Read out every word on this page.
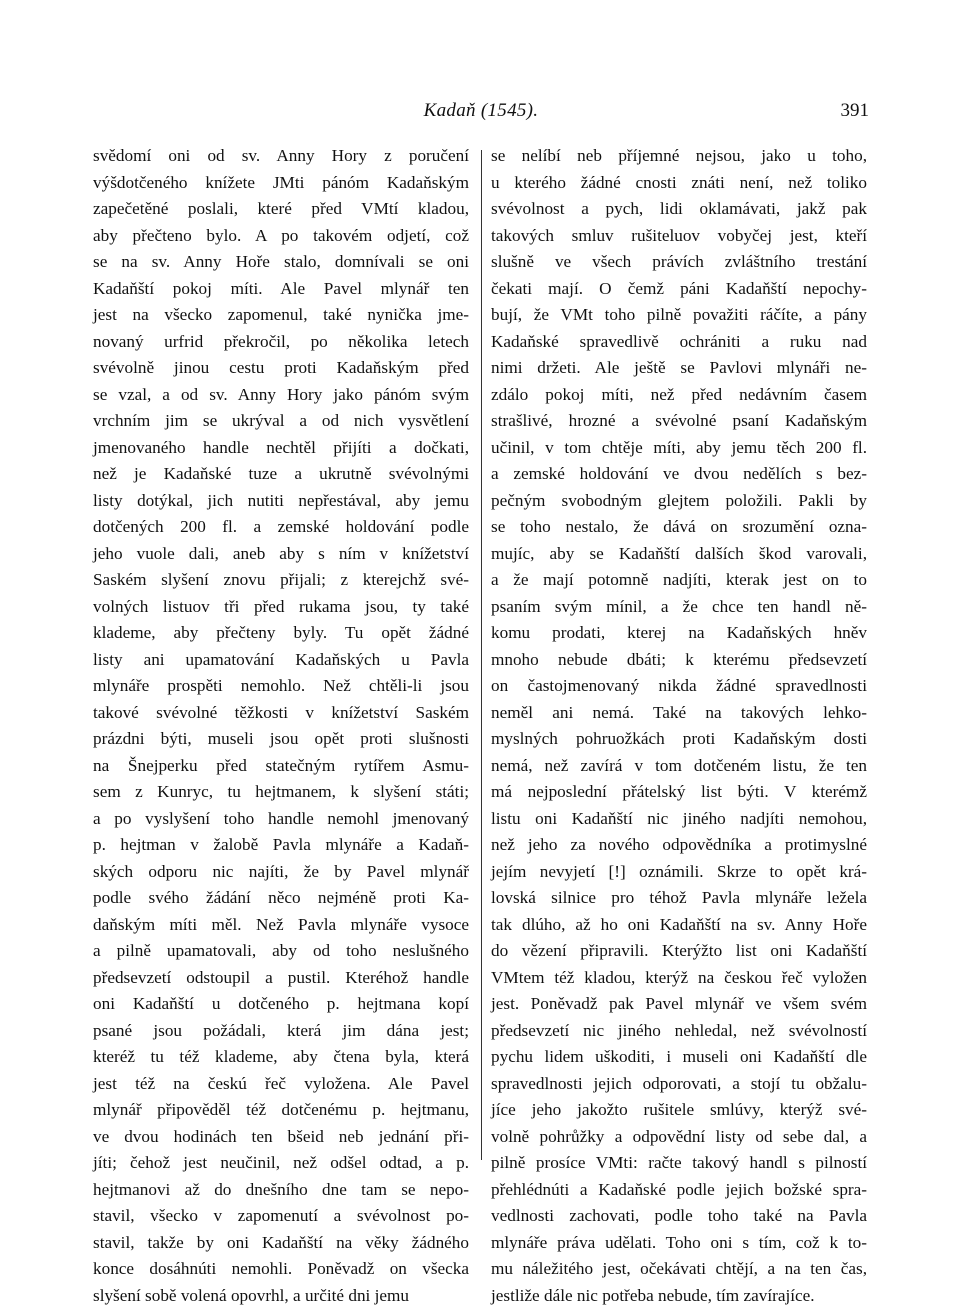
Kadaň (1545).	391
svědomí oni od sv. Anny Hory z poručení
výšdotčeného knížete JMti pánóm Kadaňským
zapečetěné poslali, které před VMtí kladou,
aby přečteno bylo. A po takovém odjetí, což
se na sv. Anny Hoře stalo, domnívali se oni
Kadaňští pokoj míti. Ale Pavel mlynář ten
jest na všecko zapomenul, také nynička jme-
novaný urfrid překročil, po několika letech
svévolně jinou cestu proti Kadaňským před
se vzal, a od sv. Anny Hory jako pánóm svým
vrchním jim se ukrýval a od nich vysvětlení
jmenovaného handle nechtěl přijíti a dočkati,
než je Kadaňské tuze a ukrutně svévolnými
listy dotýkal, jich nutiti nepřestával, aby jemu
dotčených 200 fl. a zemské holdování podle
jeho vuole dali, aneb aby s ním v knížetství
Saském slyšení znovu přijali; z kterejchž své-
volných listuov tři před rukama jsou, ty také
klademe, aby přečteny byly. Tu opět žádné
listy ani upamatování Kadaňských u Pavla
mlynáře prospěti nemohlo. Než chtěli-li jsou
takové svévolné těžkosti v knížetství Saském
prázdni býti, museli jsou opět proti slušnosti
na Šnejperku před statečným rytířem Asmu-
sem z Kunryc, tu hejtmanem, k slyšení státi;
a po vyslyšení toho handle nemohl jmenovaný
p. hejtman v žalobě Pavla mlynáře a Kadaň-
ských odporu nic najíti, že by Pavel mlynář
podle svého žádání něco nejméně proti Ka-
daňským míti měl. Než Pavla mlynáře vysoce
a pilně upamatovali, aby od toho neslušného
předsevzetí odstoupil a pustil. Kteréhož handle
oni Kadaňští u dotčeného p. hejtmana kopí
psané jsou požádali, která jim dána jest;
kteréž tu též klademe, aby čtena byla, která
jest též na českú řeč vyložena. Ale Pavel
mlynář připověděl též dotčenému p. hejtmanu,
ve dvou hodinách ten bšeid neb jednání při-
jíti; čehož jest neučinil, než odšel odtad, a p.
hejtmanovi až do dnešního dne tam se nepo-
stavil, všecko v zapomenutí a svévolnost po-
stavil, takže by oni Kadaňští na věky žádného
konce dosáhnúti nemohli. Poněvadž on všecka
slyšení sobě volená opovrhl, a určité dni jemu
se nelíbí neb příjemné nejsou, jako u toho,
u kterého žádné cnosti znáti není, než toliko
svévolnost a pych, lidi oklamávati, jakž pak
takových smluv rušiteluov vobyčej jest, kteří
slušně ve všech právích zvláštního trestání
čekati mají. O čemž páni Kadaňští nepochy-
bují, že VMt toho pilně považiti ráčíte, a pány
Kadaňské spravedlivě ochrániti a ruku nad
nimi držeti. Ale ještě se Pavlovi mlynáři ne-
zdálo pokoj míti, než před nedávním časem
strašlivé, hrozné a svévolné psaní Kadaňským
učinil, v tom chtěje míti, aby jemu těch 200 fl.
a zemské holdování ve dvou nedělích s bez-
pečným svobodným glejtem položili. Pakli by
se toho nestalo, že dává on srozumění ozna-
mujíc, aby se Kadaňští dalších škod varovali,
a že mají potomně nadjíti, kterak jest on to
psaním svým mínil, a že chce ten handl ně-
komu prodati, kterej na Kadaňských hněv
mnoho nebude dbáti; k kterému předsevzetí
on častojmenovaný nikda žádné spravedlnosti
neměl ani nemá. Také na takových lehko-
myslných pohruožkách proti Kadaňským dosti
nemá, než zavírá v tom dotčeném listu, že ten
má nejposlední přátelský list býti. V kterémž
listu oni Kadaňští nic jiného nadjíti nemohou,
než jeho za nového odpovědníka a protimyslné
jejím nevyjetí [!] oznámili. Skrze to opět krá-
lovská silnice pro téhož Pavla mlynáře ležela
tak dlúho, až ho oni Kadaňští na sv. Anny Hoře
do vězení připravili. Kterýžto list oni Kadaňští
VMtem též kladou, kterýž na českou řeč vyložen
jest. Poněvadž pak Pavel mlynář ve všem svém
předsevzetí nic jiného nehledal, než svévolností
pychu lidem uškoditi, i museli oni Kadaňští dle
spravedlnosti jejich odporovati, a stojí tu obžalu-
jíce jeho jakožto rušitele smlúvy, kterýž své-
volně pohrůžky a odpovědní listy od sebe dal, a
pilně prosíce VMti: račte takový handl s pilností
přehlédnúti a Kadaňské podle jejich božské spra-
vedlnosti zachovati, podle toho také na Pavla
mlynáře práva udělati. Toho oni s tím, což k to-
mu náležitého jest, očekávati chtějí, a na ten čas,
jestliže dále nic potřeba nebude, tím zavírajíce.
